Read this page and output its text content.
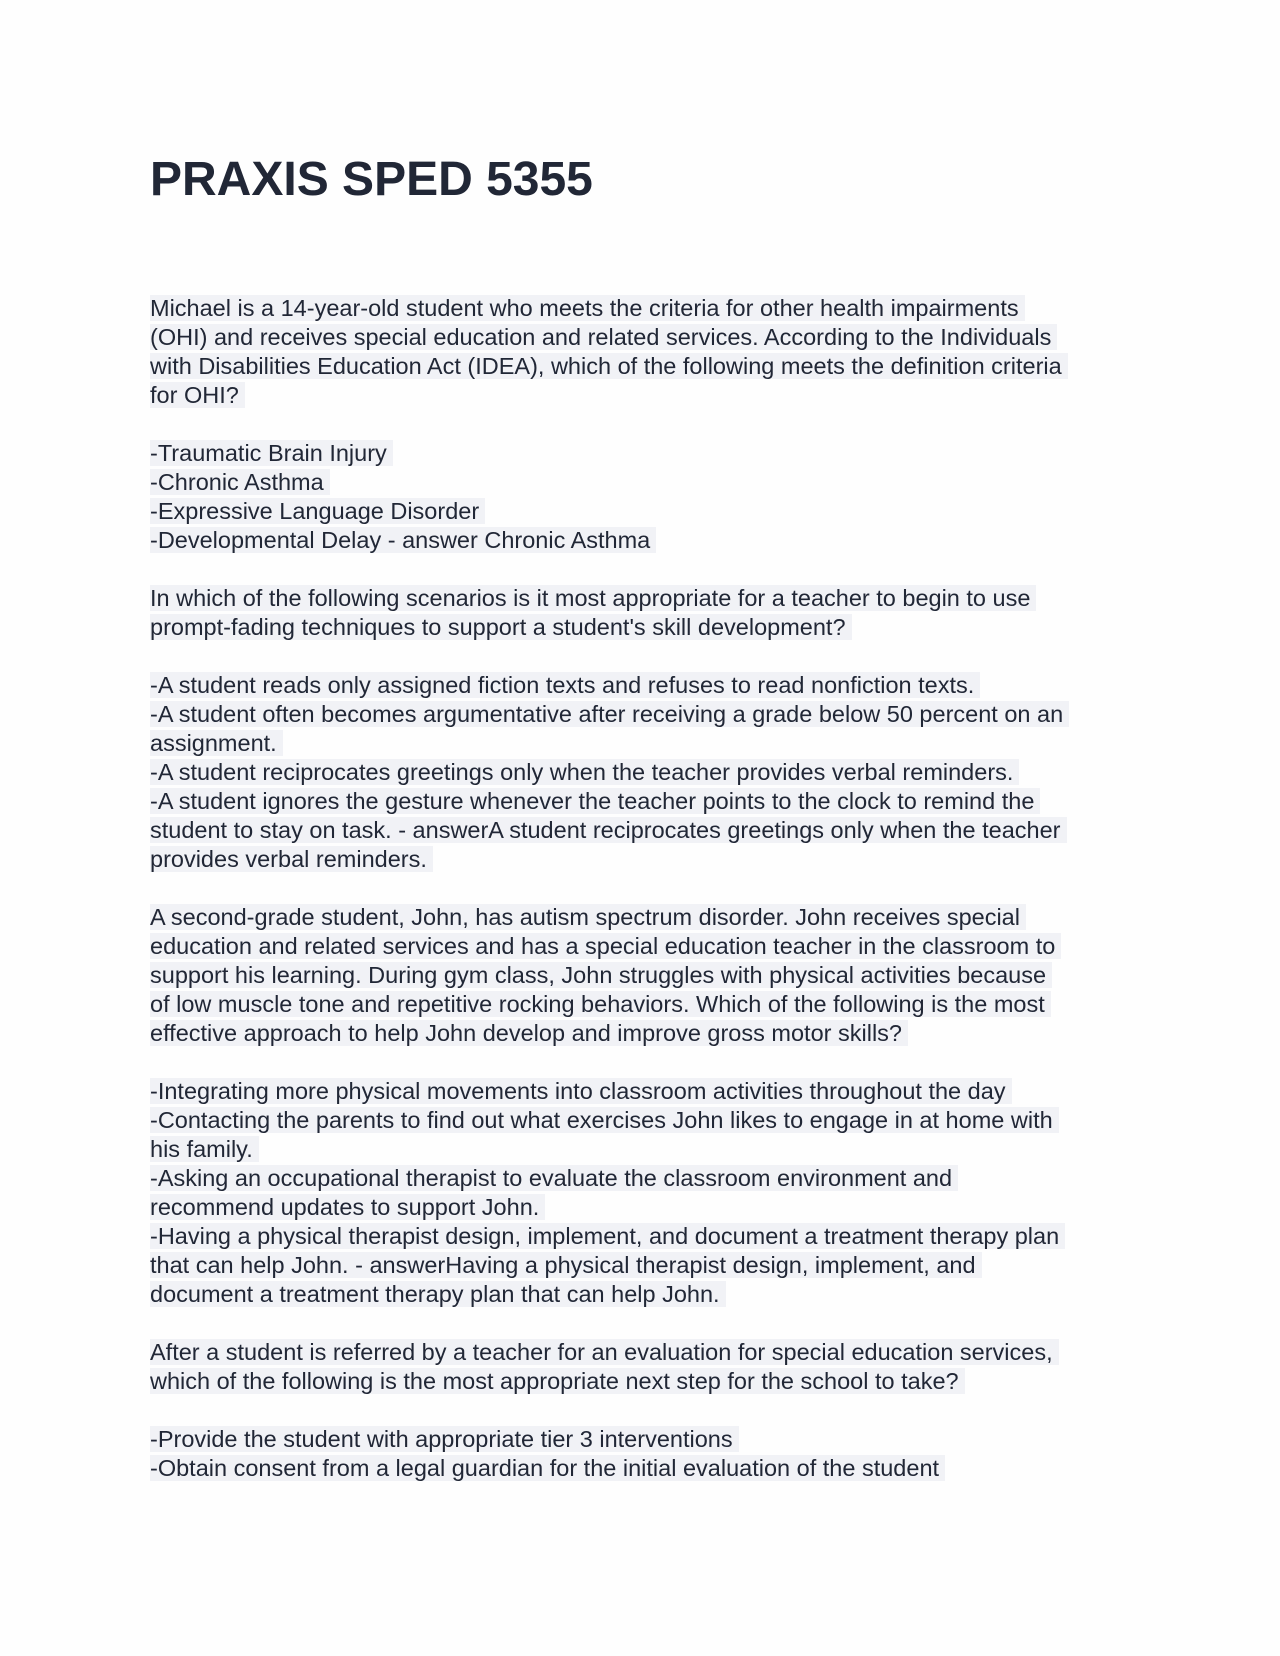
PRAXIS SPED 5355
Michael is a 14-year-old student who meets the criteria for other health impairments
(OHI) and receives special education and related services. According to the Individuals
with Disabilities Education Act (IDEA), which of the following meets the definition criteria
for OHI?
-Traumatic Brain Injury
-Chronic Asthma
-Expressive Language Disorder
-Developmental Delay - answer Chronic Asthma
In which of the following scenarios is it most appropriate for a teacher to begin to use
prompt-fading techniques to support a student's skill development?
-A student reads only assigned fiction texts and refuses to read nonfiction texts.
-A student often becomes argumentative after receiving a grade below 50 percent on an
assignment.
-A student reciprocates greetings only when the teacher provides verbal reminders.
-A student ignores the gesture whenever the teacher points to the clock to remind the
student to stay on task. - answerA student reciprocates greetings only when the teacher
provides verbal reminders.
A second-grade student, John, has autism spectrum disorder. John receives special
education and related services and has a special education teacher in the classroom to
support his learning. During gym class, John struggles with physical activities because
of low muscle tone and repetitive rocking behaviors. Which of the following is the most
effective approach to help John develop and improve gross motor skills?
-Integrating more physical movements into classroom activities throughout the day
-Contacting the parents to find out what exercises John likes to engage in at home with
his family.
-Asking an occupational therapist to evaluate the classroom environment and
recommend updates to support John.
-Having a physical therapist design, implement, and document a treatment therapy plan
that can help John. - answerHaving a physical therapist design, implement, and
document a treatment therapy plan that can help John.
After a student is referred by a teacher for an evaluation for special education services,
which of the following is the most appropriate next step for the school to take?
-Provide the student with appropriate tier 3 interventions
-Obtain consent from a legal guardian for the initial evaluation of the student
